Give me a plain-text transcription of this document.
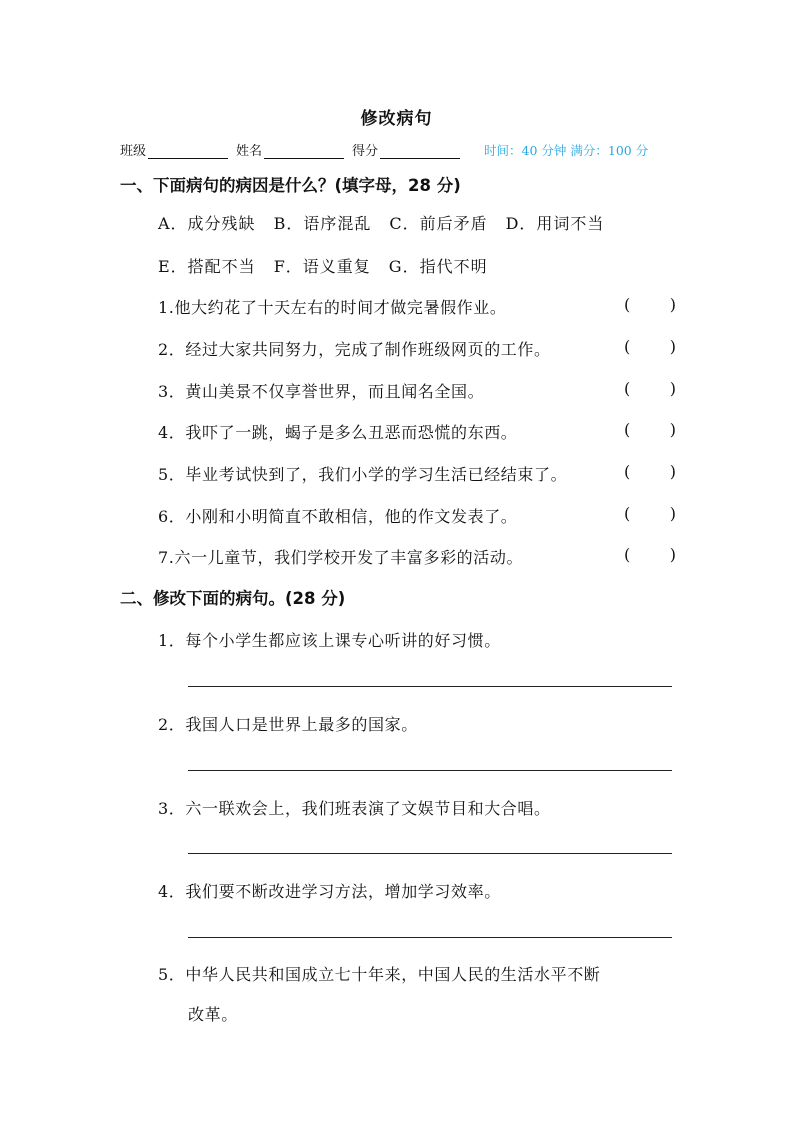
修改病句
班级	姓名	得分	时间：40 分钟 满分：100 分
一、下面病句的病因是什么？(填字母，28 分)
A．成分残缺 B．语序混乱 C．前后矛盾 D．用词不当
E．搭配不当 F．语义重复 G．指代不明
1.他大约花了十天左右的时间才做完暑假作业。	( )
2．经过大家共同努力，完成了制作班级网页的工作。	( )
3．黄山美景不仅享誉世界，而且闻名全国。	( )
4．我吓了一跳，蝎子是多么丑恶而恐慌的东西。	( )
5．毕业考试快到了，我们小学的学习生活已经结束了。	( )
6．小刚和小明简直不敢相信，他的作文发表了。	( )
7.六一儿童节，我们学校开发了丰富多彩的活动。	( )
二、修改下面的病句。(28 分)
1．每个小学生都应该上课专心听讲的好习惯。
2．我国人口是世界上最多的国家。
3．六一联欢会上，我们班表演了文娱节目和大合唱。
4．我们要不断改进学习方法，增加学习效率。
5．中华人民共和国成立七十年来，中国人民的生活水平不断
改革。
